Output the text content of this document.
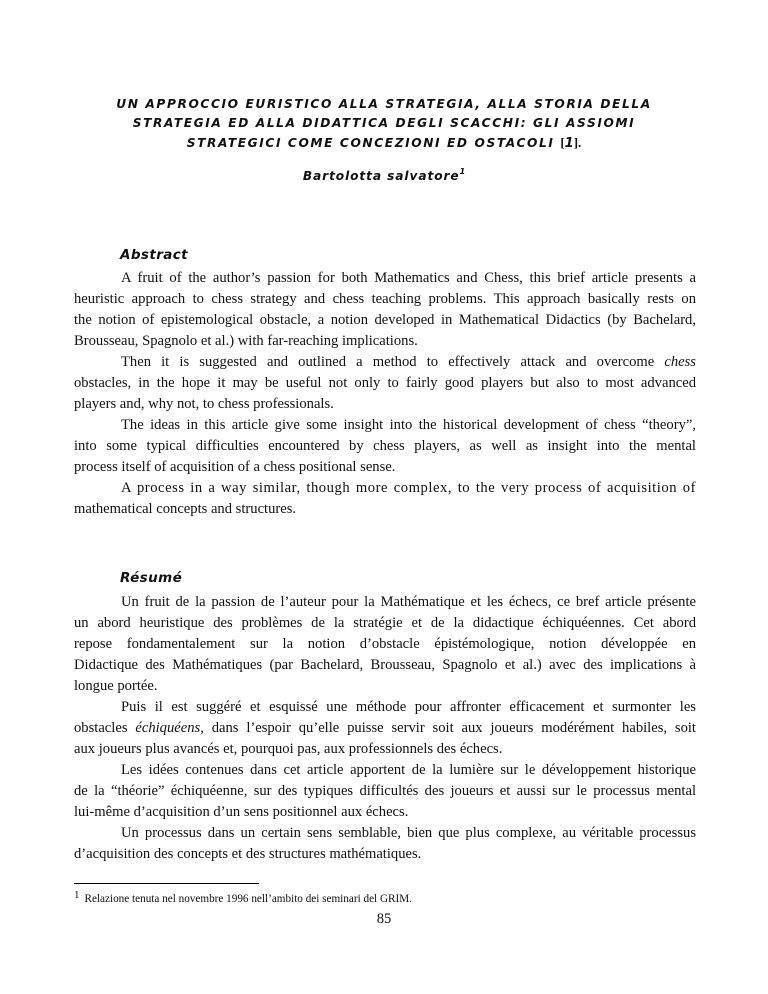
UN APPROCCIO EURISTICO ALLA STRATEGIA, ALLA STORIA DELLA
STRATEGIA ED ALLA DIDATTICA DEGLI SCACCHI: GLI ASSIOMI
STRATEGICI COME CONCEZIONI ED OSTACOLI [1].
Bartolotta salvatore$^1$
Abstract
A fruit of the author’s passion for both Mathematics and Chess, this brief article presents a
heuristic approach to chess strategy and chess teaching problems. This approach basically rests on
the notion of epistemological obstacle, a notion developed in Mathematical Didactics (by Bachelard,
Brousseau, Spagnolo et al.) with far-reaching implications.
Then it is suggested and outlined a method to effectively attack and overcome chess
obstacles, in the hope it may be useful not only to fairly good players but also to most advanced
players and, why not, to chess professionals.
The ideas in this article give some insight into the historical development of chess “theory”,
into some typical difficulties encountered by chess players, as well as insight into the mental
process itself of acquisition of a chess positional sense.
A process in a way similar, though more complex, to the very process of acquisition of
mathematical concepts and structures.
Résumé
Un fruit de la passion de l’auteur pour la Mathématique et les échecs, ce bref article présente
un abord heuristique des problèmes de la stratégie et de la didactique échiquéennes. Cet abord
repose fondamentalement sur la notion d’obstacle épistémologique, notion développée en
Didactique des Mathématiques (par Bachelard, Brousseau, Spagnolo et al.) avec des implications à
longue portée.
Puis il est suggéré et esquissé une méthode pour affronter efficacement et surmonter les
obstacles échiquéens, dans l’espoir qu’elle puisse servir soit aux joueurs modérément habiles, soit
aux joueurs plus avancés et, pourquoi pas, aux professionnels des échecs.
Les idées contenues dans cet article apportent de la lumière sur le développement historique
de la “théorie” échiquéenne, sur des typiques difficultés des joueurs et aussi sur le processus mental
lui-même d’acquisition d’un sens positionnel aux échecs.
Un processus dans un certain sens semblable, bien que plus complexe, au véritable processus
d’acquisition des concepts et des structures mathématiques.
1 Relazione tenuta nel novembre 1996 nell’ambito dei seminari del GRIM.
85
